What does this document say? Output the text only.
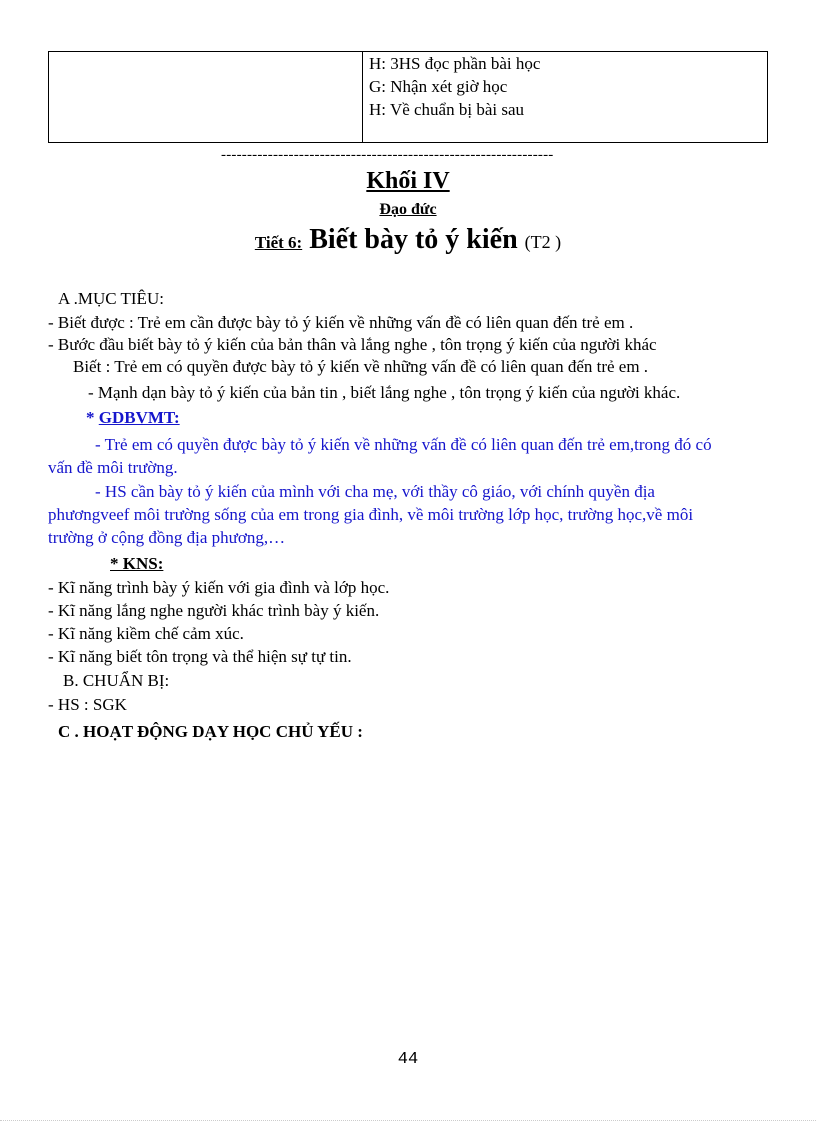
H: 3HS đọc phần bài học
G: Nhận xét giờ học
H: Về chuẩn bị bài sau
----------------------------------------------------------------
Khối IV
Đạo đức
Tiết 6: Biết bày tỏ ý kiến (T2 )
A .MỤC TIÊU:
- Biết được : Trẻ em cần được bày tỏ ý kiến về những vấn đề có liên quan đến trẻ em .
- Bước đầu biết bày tỏ ý kiến của bản thân và lắng nghe , tôn trọng ý kiến của người khác
Biết : Trẻ em có quyền được bày tỏ ý kiến về những vấn đề có liên quan đến trẻ em .
- Mạnh dạn bày tỏ ý kiến của bản tin , biết lắng nghe , tôn trọng ý kiến của người khác.
* GDBVMT:
- Trẻ em có quyền được bày tỏ ý kiến về những vấn đề có liên quan đến trẻ em,trong đó có
vấn đề môi trường.
- HS cần bày tỏ ý kiến của mình với cha mẹ, với thầy cô giáo, với chính quyền địa
phươngveef môi trường sống của em trong gia đình, về môi trường lớp học, trường học,về môi
trường ở cộng đồng địa phương,…
* KNS:
- Kĩ năng trình bày ý kiến với gia đình và lớp học.
- Kĩ năng lắng nghe người khác trình bày ý kiến.
- Kĩ năng kiềm chế cảm xúc.
- Kĩ năng biết tôn trọng và thể hiện sự tự tin.
B. CHUẨN BỊ:
- HS : SGK
C . HOẠT ĐỘNG DẠY HỌC CHỦ YẾU :
44
